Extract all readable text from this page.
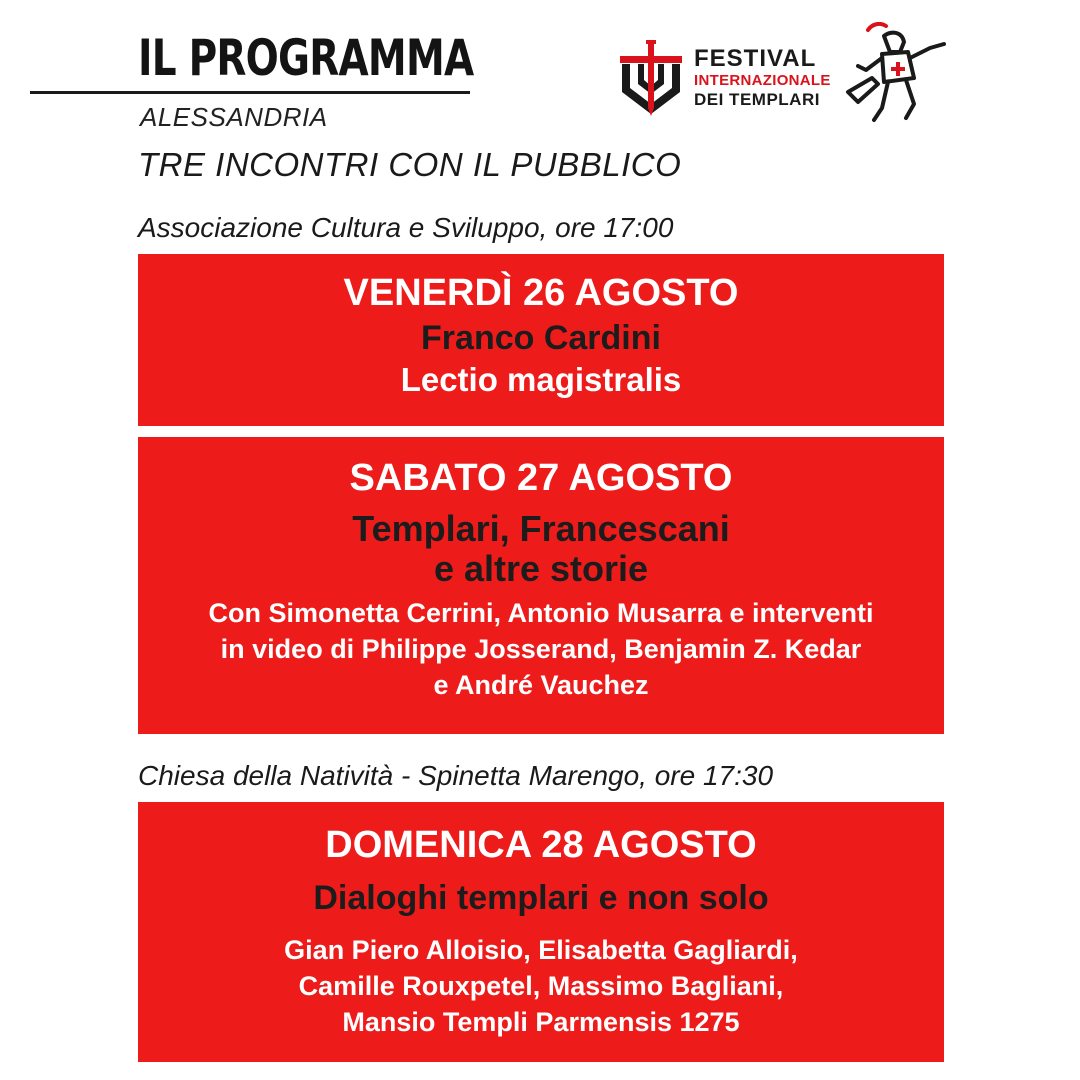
IL PROGRAMMA
ALESSANDRIA
TRE INCONTRI CON IL PUBBLICO
FESTIVAL
INTERNAZIONALE
DEI TEMPLARI
Associazione Cultura e Sviluppo, ore 17:00
VENERDÌ 26 AGOSTO
Franco Cardini
Lectio magistralis
SABATO 27 AGOSTO
Templari, Francescani
e altre storie
Con Simonetta Cerrini, Antonio Musarra e interventi
in video di Philippe Josserand, Benjamin Z. Kedar
e André Vauchez
Chiesa della Natività - Spinetta Marengo, ore 17:30
DOMENICA 28 AGOSTO
Dialoghi templari e non solo
Gian Piero Alloisio, Elisabetta Gagliardi,
Camille Rouxpetel, Massimo Bagliani,
Mansio Templi Parmensis 1275
